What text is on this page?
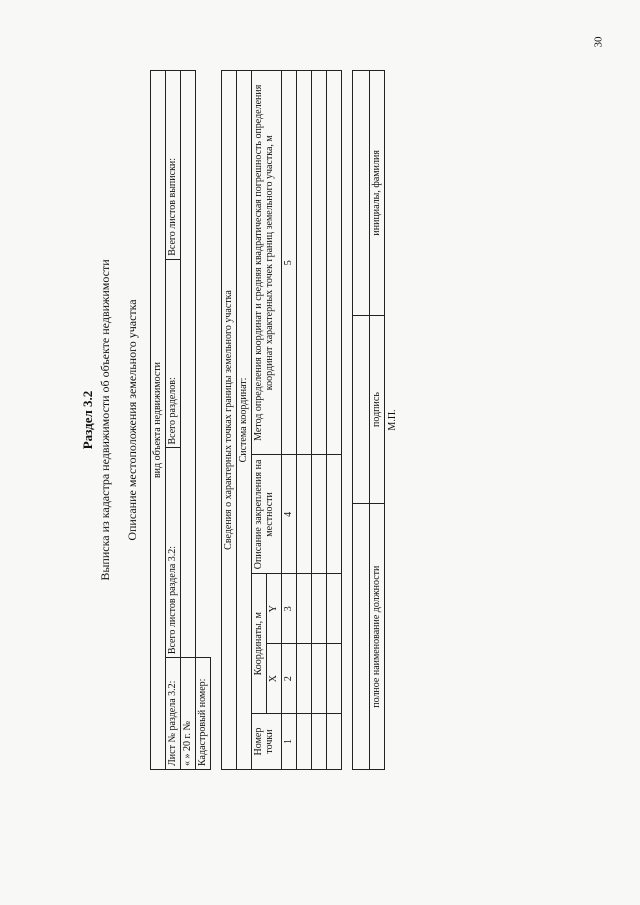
30
Раздел 3.2 Выписка из кадастра недвижимости об объекте недвижимости Описание местоположения земельного участка вид объекта недвижимости			
Лист № раздела 3.2:	Всего листов раздела 3.2:	Всего разделов:	Всего листов выписки:
« » 20 г. №			
Кадастровый номер:			
Сведения о характерных точках границы земельного участка				
Система координат:				
Номер точки	Координаты, м		Описание закрепления на местности	Метод определения координат и средняя квадратическая погрешность определения координат характерных точек границ земельного участка, м
	X	Y		
1	2	3	4	5

полное наименование должности	подпись	инициалы, фамилия
М.П.
